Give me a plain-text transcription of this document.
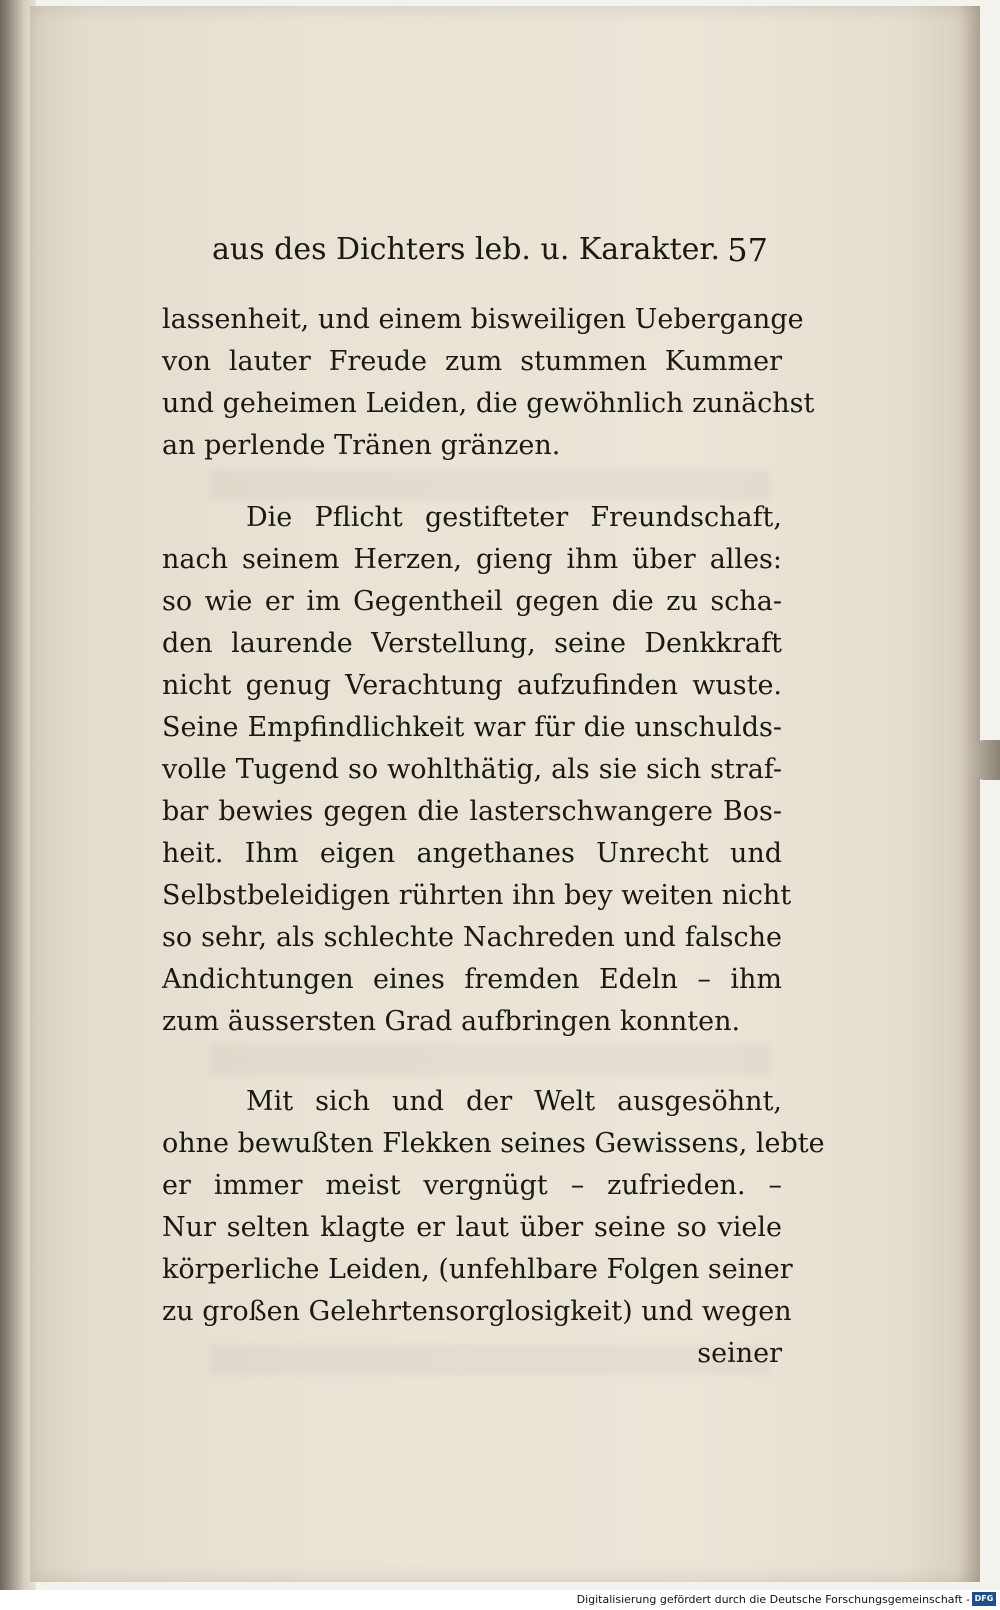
aus des Dichters leb. u. Karakter. 57
lassenheit, und einem bisweiligen Uebergange
von lauter Freude zum stummen Kummer
und geheimen Leiden, die gewöhnlich zunächst
an perlende Tränen gränzen.
Die Pflicht gestifteter Freundschaft,
nach seinem Herzen, gieng ihm über alles:
so wie er im Gegentheil gegen die zu scha-
den laurende Verstellung, seine Denkkraft
nicht genug Verachtung aufzufinden wuste.
Seine Empfindlichkeit war für die unschulds-
volle Tugend so wohlthätig, als sie sich straf-
bar bewies gegen die lasterschwangere Bos-
heit. Ihm eigen angethanes Unrecht und
Selbstbeleidigen rührten ihn bey weiten nicht
so sehr, als schlechte Nachreden und falsche
Andichtungen eines fremden Edeln – ihm
zum äussersten Grad aufbringen konnten.
Mit sich und der Welt ausgesöhnt,
ohne bewußten Flekken seines Gewissens, lebte
er immer meist vergnügt – zufrieden. –
Nur selten klagte er laut über seine so viele
körperliche Leiden, (unfehlbare Folgen seiner
zu großen Gelehrtensorglosigkeit) und wegen
seiner
Digitalisierung gefördert durch die Deutsche Forschungsgemeinschaft - DFG
